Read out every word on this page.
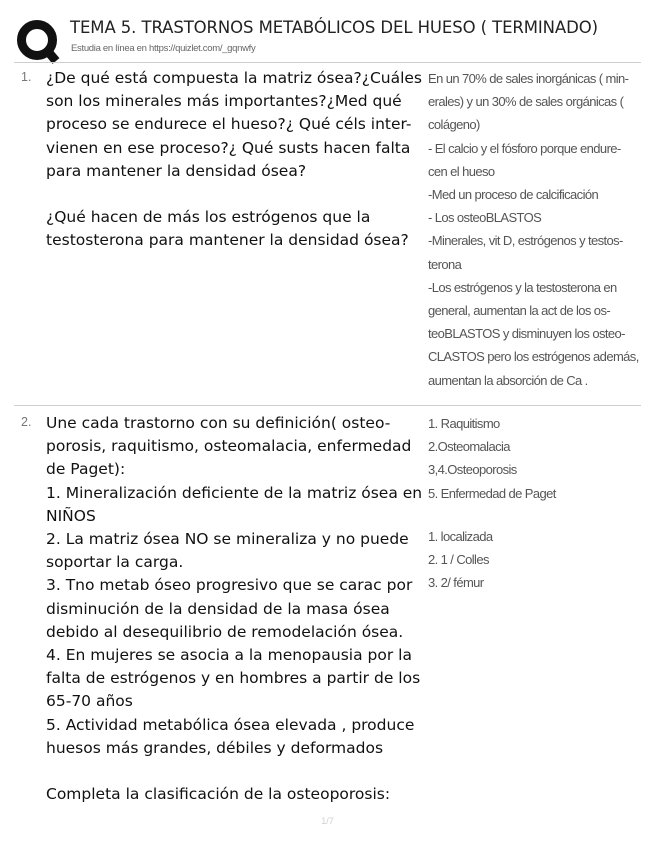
TEMA 5. TRASTORNOS METABÓLICOS DEL HUESO ( TERMINADO)
Estudia en línea en https://quizlet.com/_gqnwfy
1. ¿De qué está compuesta la matriz ósea?¿Cuáles

son los minerales más importantes?¿Med qué

proceso se endurece el hueso?¿ Qué céls inter-

vienen en ese proceso?¿ Qué susts hacen falta

para mantener la densidad ósea?

¿Qué hacen de más los estrógenos que la

testosterona para mantener la densidad ósea?

En un 70% de sales inorgánicas ( min-

erales) y un 30% de sales orgánicas (

colágeno)

- El calcio y el fósforo porque endure-

cen el hueso

-Med un proceso de calcificación

- Los osteoBLASTOS

-Minerales, vit D, estrógenos y testos-

terona

-Los estrógenos y la testosterona en

general, aumentan la act de los os-

teoBLASTOS y disminuyen los osteo-

CLASTOS pero los estrógenos además,

aumentan la absorción de Ca .

2. Une cada trastorno con su definición( osteo-

porosis, raquitismo, osteomalacia, enfermedad

de Paget):

1. Mineralización deficiente de la matriz ósea en

NIÑOS

2. La matriz ósea NO se mineraliza y no puede

soportar la carga.

3. Tno metab óseo progresivo que se carac por

disminución de la densidad de la masa ósea

debido al desequilibrio de remodelación ósea.

4. En mujeres se asocia a la menopausia por la

falta de estrógenos y en hombres a partir de los

65-70 años

5. Actividad metabólica ósea elevada , produce

huesos más grandes, débiles y deformados

Completa la clasificación de la osteoporosis:

1. Raquitismo

2.Osteomalacia

3,4.Osteoporosis

5. Enfermedad de Paget

1. localizada

2. 1 / Colles

3. 2/ fémur

1/7
